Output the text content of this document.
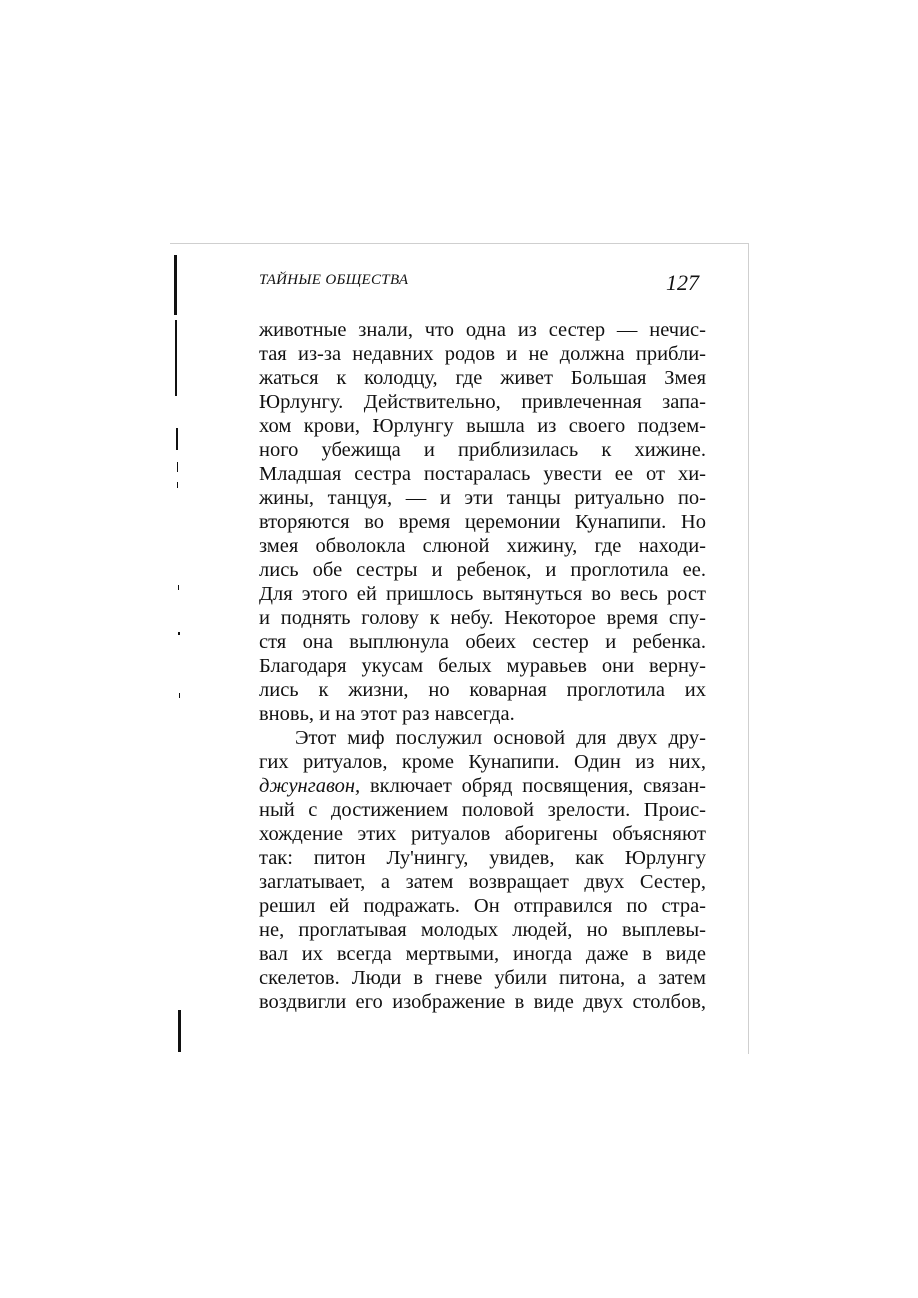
ТАЙНЫЕ ОБЩЕСТВА	127
животные знали, что одна из сестер — нечис-
тая из-за недавних родов и не должна прибли-
жаться к колодцу, где живет Большая Змея
Юрлунгу. Действительно, привлеченная запа-
хом крови, Юрлунгу вышла из своего подзем-
ного убежища и приблизилась к хижине.
Младшая сестра постаралась увести ее от хи-
жины, танцуя, — и эти танцы ритуально по-
вторяются во время церемонии Кунапипи. Но
змея обволокла слюной хижину, где находи-
лись обе сестры и ребенок, и проглотила ее.
Для этого ей пришлось вытянуться во весь рост
и поднять голову к небу. Некоторое время спу-
стя она выплюнула обеих сестер и ребенка.
Благодаря укусам белых муравьев они верну-
лись к жизни, но коварная проглотила их
вновь, и на этот раз навсегда.
Этот миф послужил основой для двух дру-
гих ритуалов, кроме Кунапипи. Один из них,
джунгавон, включает обряд посвящения, связан-
ный с достижением половой зрелости. Проис-
хождение этих ритуалов аборигены объясняют
так: питон Лу'нингу, увидев, как Юрлунгу
заглатывает, а затем возвращает двух Сестер,
решил ей подражать. Он отправился по стра-
не, проглатывая молодых людей, но выплевы-
вал их всегда мертвыми, иногда даже в виде
скелетов. Люди в гневе убили питона, а затем
воздвигли его изображение в виде двух столбов,
